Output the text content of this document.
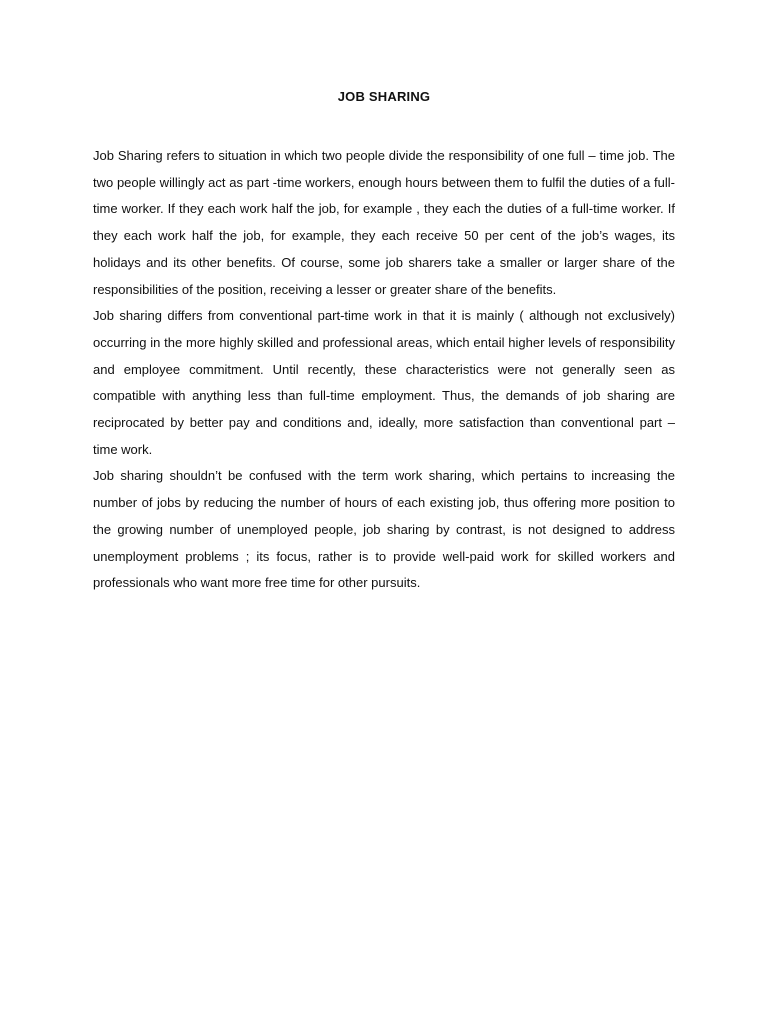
JOB SHARING

Job Sharing refers to situation in which two people divide the responsibility of one full – time job. The two people willingly act as part -time workers, enough hours between them to fulfil the duties of a full-time worker. If they each work half the job, for example , they each the duties of a full-time worker. If they each work half the job, for example, they each receive 50 per cent of the job’s wages, its holidays and its other benefits. Of course, some job sharers take a smaller or larger share of the responsibilities of the position, receiving a lesser or greater share of the benefits.

Job sharing differs from conventional part-time work in that it is mainly ( although not exclusively) occurring in the more highly skilled and professional areas, which entail higher levels of responsibility and employee commitment. Until recently, these characteristics were not generally seen as compatible with anything less than full-time employment. Thus, the demands of job sharing are reciprocated by better pay and conditions and, ideally, more satisfaction than conventional part – time work.

Job sharing shouldn’t be confused with the term work sharing, which pertains to increasing the number of jobs by reducing the number of hours of each existing job, thus offering more position to the growing number of unemployed people, job sharing by contrast, is not designed to address unemployment problems ; its focus, rather is to provide well-paid work for skilled workers and professionals who want more free time for other pursuits.
